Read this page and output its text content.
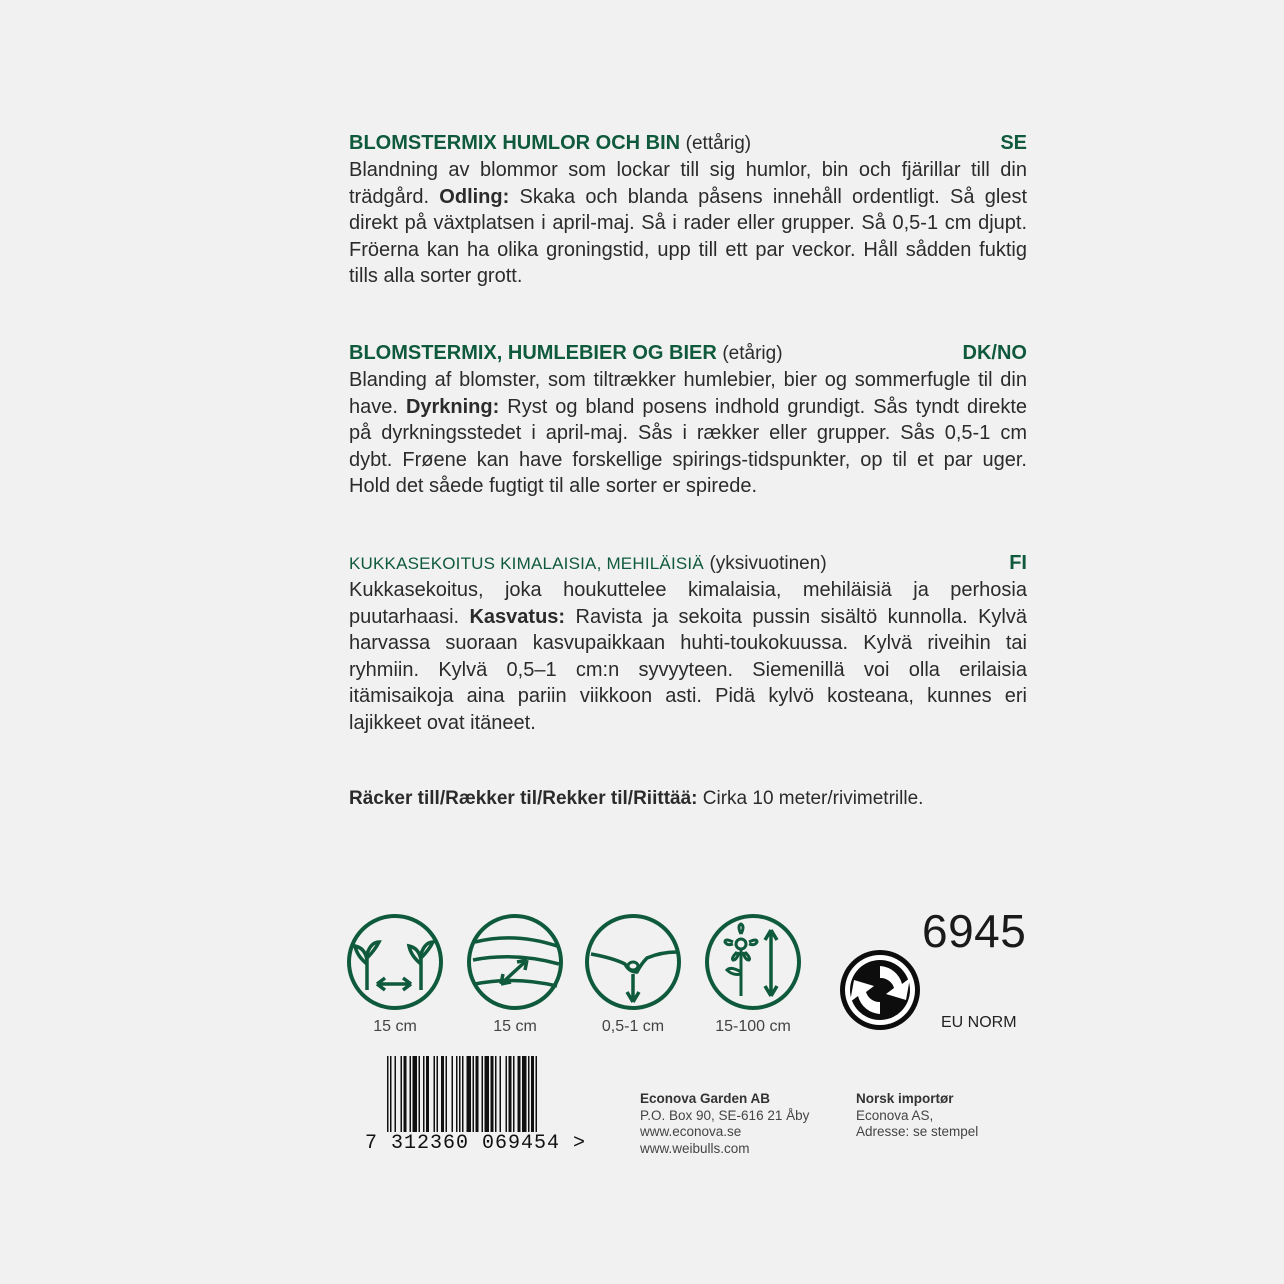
BLOMSTERMIX HUMLOR OCH BIN (ettårig)	SE

Blandning av blommor som lockar till sig humlor, bin och fjärillar till din trädgård. Odling: Skaka och blanda påsens innehåll ordentligt. Så glest direkt på växtplatsen i april-maj. Så i rader eller grupper. Så 0,5-1 cm djupt. Fröerna kan ha olika groningstid, upp till ett par veckor. Håll sådden fuktig tills alla sorter grott.

BLOMSTERMIX, HUMLEBIER OG BIER (etårig)	DK/NO

Blanding af blomster, som tiltrækker humlebier, bier og sommerfugle til din have. Dyrkning: Ryst og bland posens indhold grundigt. Sås tyndt direkte på dyrkningsstedet i april-maj. Sås i rækker eller grupper. Sås 0,5-1 cm dybt. Frøene kan have forskellige spirings-tidspunkter, op til et par uger. Hold det såede fugtigt til alle sorter er spirede.

KUKKASEKOITUS KIMALAISIA, MEHILÄISIÄ (yksivuotinen)	FI

Kukkasekoitus, joka houkuttelee kimalaisia, mehiläisiä ja perhosia puutarhaasi. Kasvatus: Ravista ja sekoita pussin sisältö kunnolla. Kylvä harvassa suoraan kasvupaikkaan huhti-toukokuussa. Kylvä riveihin tai ryhmiin. Kylvä 0,5–1 cm:n syvyyteen. Siemenillä voi olla erilaisia itämisaikoja aina pariin viikkoon asti. Pidä kylvö kosteana, kunnes eri lajikkeet ovat itäneet.

Räcker till/Rækker til/Rekker til/Riittää: Cirka 10 meter/rivimetrille.
15 cm	15 cm	0,5-1 cm	15-100 cm
6945
EU NORM
7 312360 069454 >
Econova Garden AB
P.O. Box 90, SE-616 21 Åby
www.econova.se
www.weibulls.com
Norsk importør
Econova AS,
Adresse: se stempel
